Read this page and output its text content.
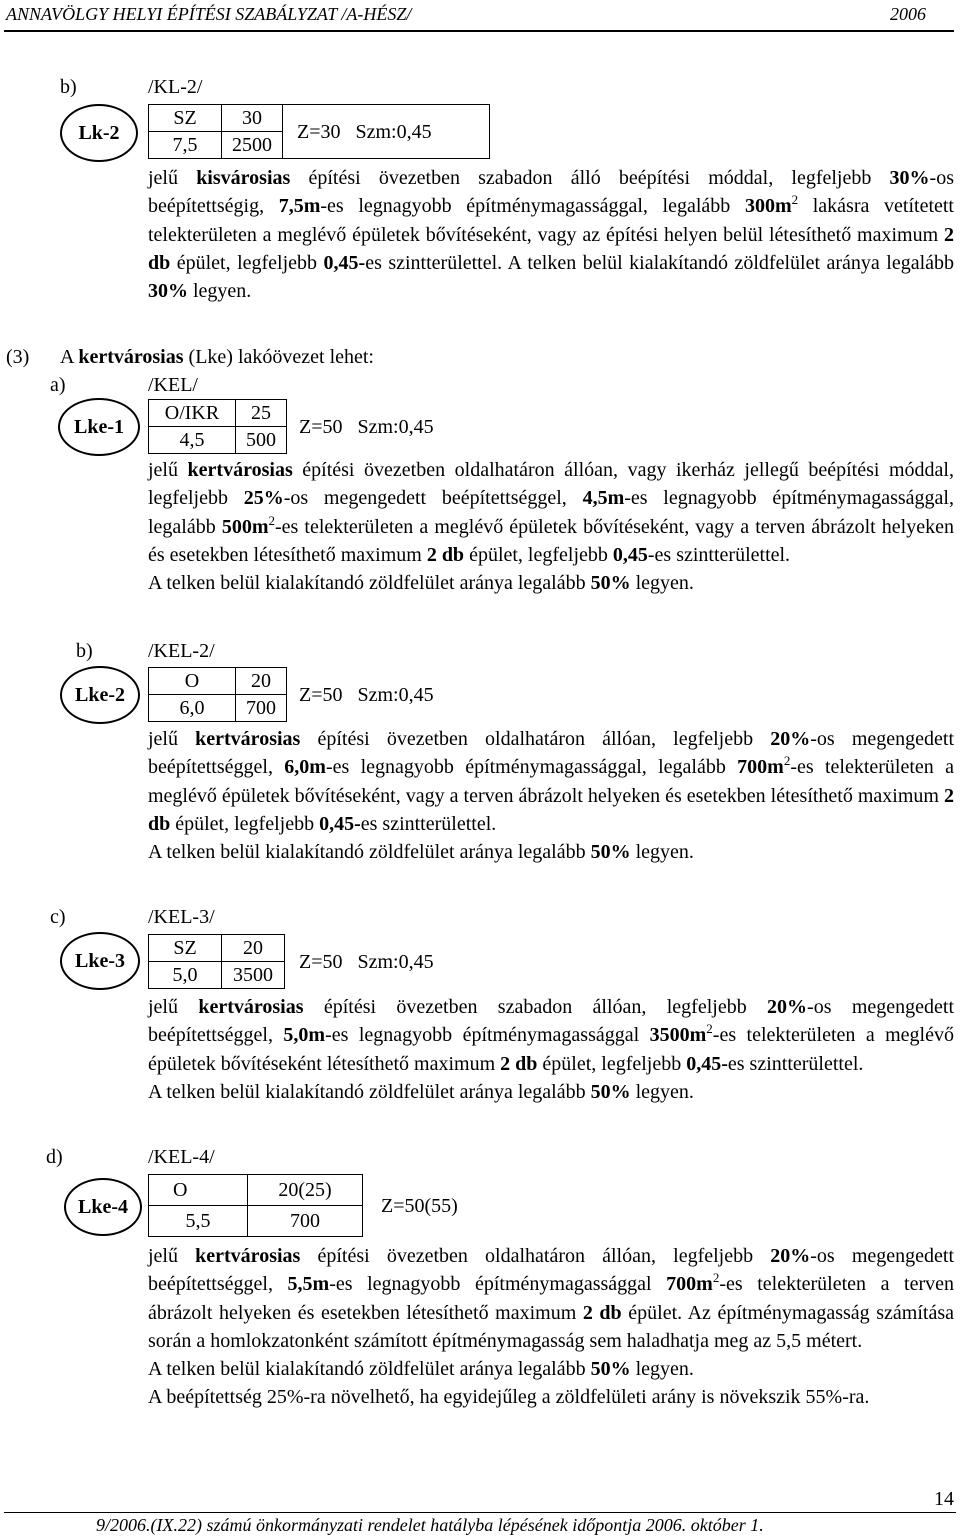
ANNAVÖLGY HELYI ÉPÍTÉSI SZABÁLYZAT /A-HÉSZ/	2006
b)	/KL-2/
Lk-2
SZ	30	Z=30 Szm:0,45
7,5	2500	

jelű kisvárosias építési övezetben szabadon álló beépítési móddal, legfeljebb 30%-os beépítettségig, 7,5m-es legnagyobb építménymagassággal, legalább $300m^2$ lakásra vetítetett telekterületen a meglévő épületek bővítéseként, vagy az építési helyen belül létesíthető maximum 2 db épület, legfeljebb 0,45-es szintterülettel. A telken belül kialakítandó zöldfelület aránya legalább 30% legyen.

(3) A kertvárosias (Lke) lakóövezet lehet:
a)	/KEL/
Lke-1
O/IKR	25	Z=50 Szm:0,45
4,5	500	

jelű kertvárosias építési övezetben oldalhatáron állóan, vagy ikerház jellegű beépítési móddal, legfeljebb 25%-os megengedett beépítettséggel, 4,5m-es legnagyobb építménymagassággal, legalább $500m^2-es$ telekterületen a meglévő épületek bővítéseként, vagy a terven ábrázolt helyeken és esetekben létesíthető maximum 2 db épület, legfeljebb 0,45-es szintterülettel.

A telken belül kialakítandó zöldfelület aránya legalább 50% legyen.

b)	/KEL-2/
Lke-2
O	20	Z=50 Szm:0,45
6,0	700	

jelű kertvárosias építési övezetben oldalhatáron állóan, legfeljebb 20%-os megengedett beépítettséggel, 6,0m-es legnagyobb építménymagassággal, legalább $700m^2-es$ telekterületen a meglévő épületek bővítéseként, vagy a terven ábrázolt helyeken és esetekben létesíthető maximum 2 db épület, legfeljebb 0,45-es szintterülettel.

A telken belül kialakítandó zöldfelület aránya legalább 50% legyen.

c)	/KEL-3/
Lke-3
SZ	20	Z=50 Szm:0,45
5,0	3500	

jelű kertvárosias építési övezetben szabadon állóan, legfeljebb 20%-os megengedett beépítettséggel, 5,0m-es legnagyobb építménymagassággal $3500m^2-es$ telekterületen a meglévő épületek bővítéseként létesíthető maximum 2 db épület, legfeljebb 0,45-es szintterülettel.

A telken belül kialakítandó zöldfelület aránya legalább 50% legyen.

d)	/KEL-4/
Lke-4
O	20(25)	Z=50(55)
5,5	700	

jelű kertvárosias építési övezetben oldalhatáron állóan, legfeljebb 20%-os megengedett beépítettséggel, 5,5m-es legnagyobb építménymagassággal $700m^2-es$ telekterületen a terven ábrázolt helyeken és esetekben létesíthető maximum 2 db épület. Az építménymagasság számítása során a homlokzatonként számított építménymagasság sem haladhatja meg az 5,5 métert.

A telken belül kialakítandó zöldfelület aránya legalább 50% legyen.

A beépítettség 25%-ra növelhető, ha egyidejűleg a zöldfelületi arány is növekszik 55%-ra.

14
9/2006.(IX.22) számú önkormányzati rendelet hatályba lépésének időpontja 2006. október 1.
